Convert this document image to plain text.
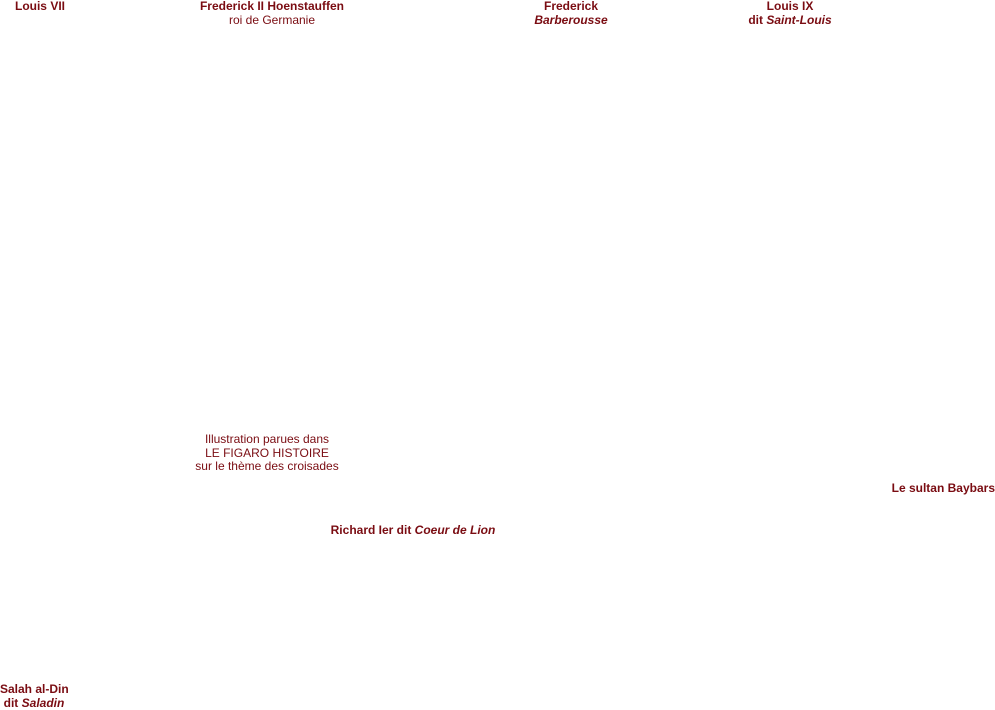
Louis VII	Frederick II Hoenstauffen
roi de Germanie
Frederick
Barberousse
Louis IX
dit Saint-Louis
Illustration parues dans
LE FIGARO HISTOIRE
sur le thème des croisades
Le sultan Baybars
Richard Ier dit Coeur de Lion
Salah al-Din
dit Saladin
